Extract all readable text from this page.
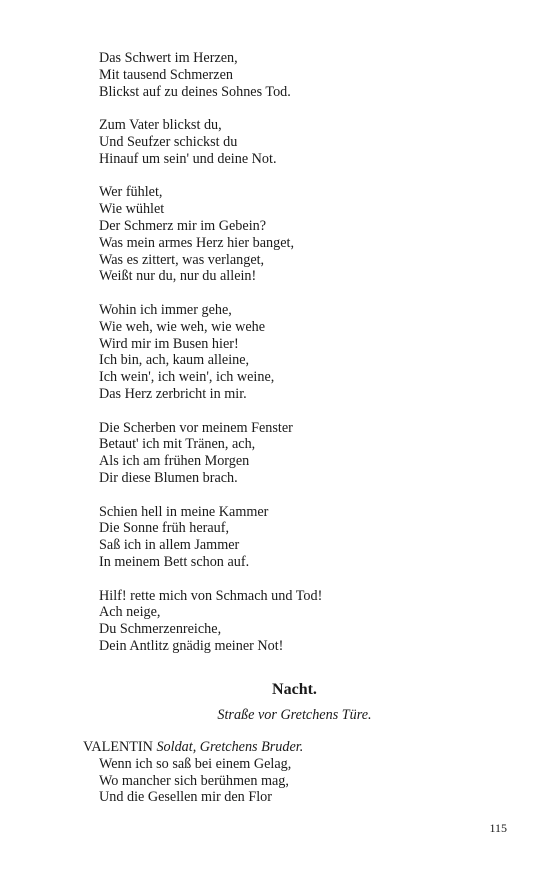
Das Schwert im Herzen,
Mit tausend Schmerzen
Blickst auf zu deines Sohnes Tod.
Zum Vater blickst du,
Und Seufzer schickst du
Hinauf um sein' und deine Not.
Wer fühlet,
Wie wühlet
Der Schmerz mir im Gebein?
Was mein armes Herz hier banget,
Was es zittert, was verlanget,
Weißt nur du, nur du allein!
Wohin ich immer gehe,
Wie weh, wie weh, wie wehe
Wird mir im Busen hier!
Ich bin, ach, kaum alleine,
Ich wein', ich wein', ich weine,
Das Herz zerbricht in mir.
Die Scherben vor meinem Fenster
Betaut' ich mit Tränen, ach,
Als ich am frühen Morgen
Dir diese Blumen brach.
Schien hell in meine Kammer
Die Sonne früh herauf,
Saß ich in allem Jammer
In meinem Bett schon auf.
Hilf! rette mich von Schmach und Tod!
Ach neige,
Du Schmerzenreiche,
Dein Antlitz gnädig meiner Not!
Nacht.
Straße vor Gretchens Türe.
VALENTIN Soldat, Gretchens Bruder.
Wenn ich so saß bei einem Gelag,
Wo mancher sich berühmen mag,
Und die Gesellen mir den Flor
115
